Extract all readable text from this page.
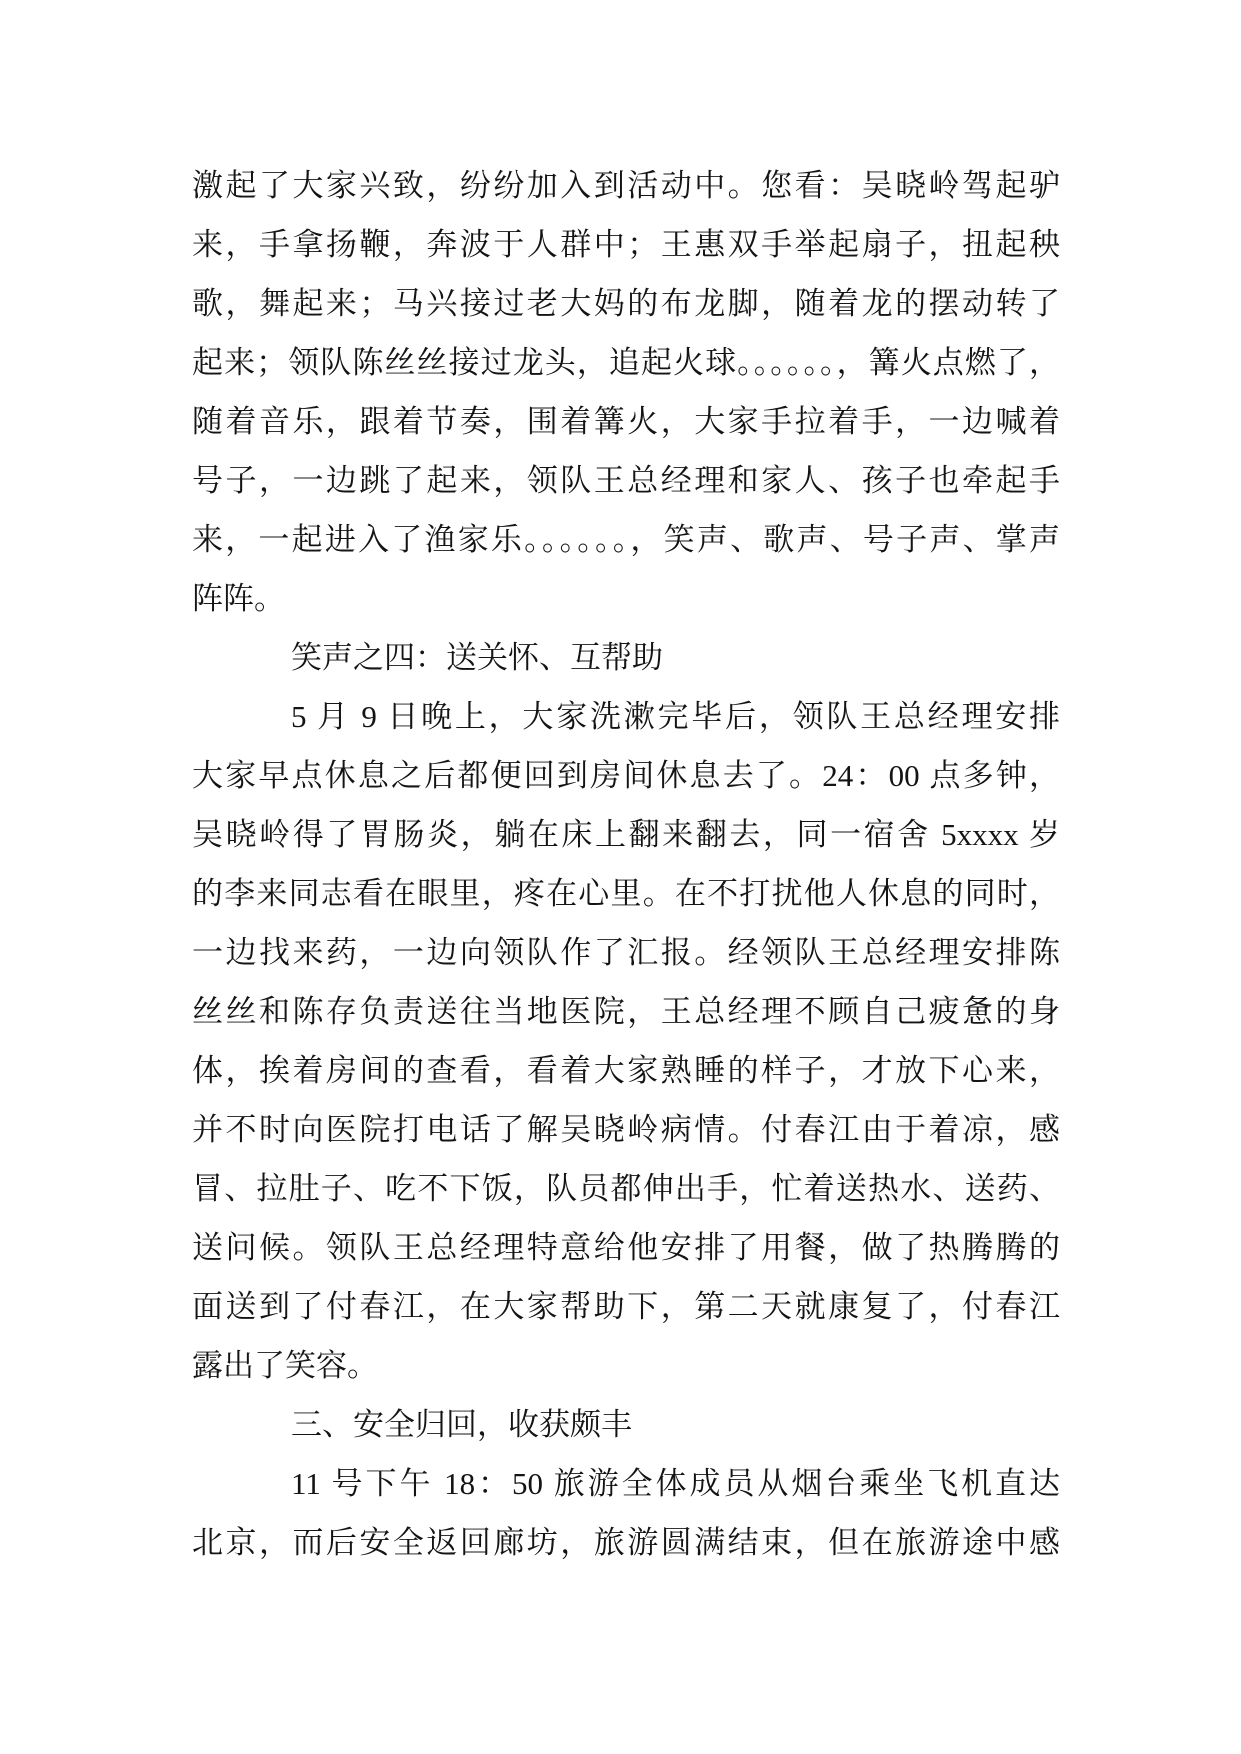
激起了大家兴致，纷纷加入到活动中。您看：吴晓岭驾起驴
来，手拿扬鞭，奔波于人群中；王惠双手举起扇子，扭起秧
歌，舞起来；马兴接过老大妈的布龙脚，随着龙的摆动转了
起来；领队陈丝丝接过龙头，追起火球。。。。。。，篝火点燃了，
随着音乐，跟着节奏，围着篝火，大家手拉着手，一边喊着
号子，一边跳了起来，领队王总经理和家人、孩子也牵起手
来，一起进入了渔家乐。。。。。。，笑声、歌声、号子声、掌声
阵阵。
笑声之四：送关怀、互帮助
5 月 9 日晚上，大家洗漱完毕后，领队王总经理安排
大家早点休息之后都便回到房间休息去了。24：00 点多钟，
吴晓岭得了胃肠炎，躺在床上翻来翻去，同一宿舍 5xxxx 岁
的李来同志看在眼里，疼在心里。在不打扰他人休息的同时，
一边找来药，一边向领队作了汇报。经领队王总经理安排陈
丝丝和陈存负责送往当地医院，王总经理不顾自己疲惫的身
体，挨着房间的查看，看着大家熟睡的样子，才放下心来，
并不时向医院打电话了解吴晓岭病情。付春江由于着凉，感
冒、拉肚子、吃不下饭，队员都伸出手，忙着送热水、送药、
送问候。领队王总经理特意给他安排了用餐，做了热腾腾的
面送到了付春江，在大家帮助下，第二天就康复了，付春江
露出了笑容。
三、安全归回，收获颇丰
11 号下午 18：50 旅游全体成员从烟台乘坐飞机直达
北京，而后安全返回廊坊，旅游圆满结束，但在旅游途中感
